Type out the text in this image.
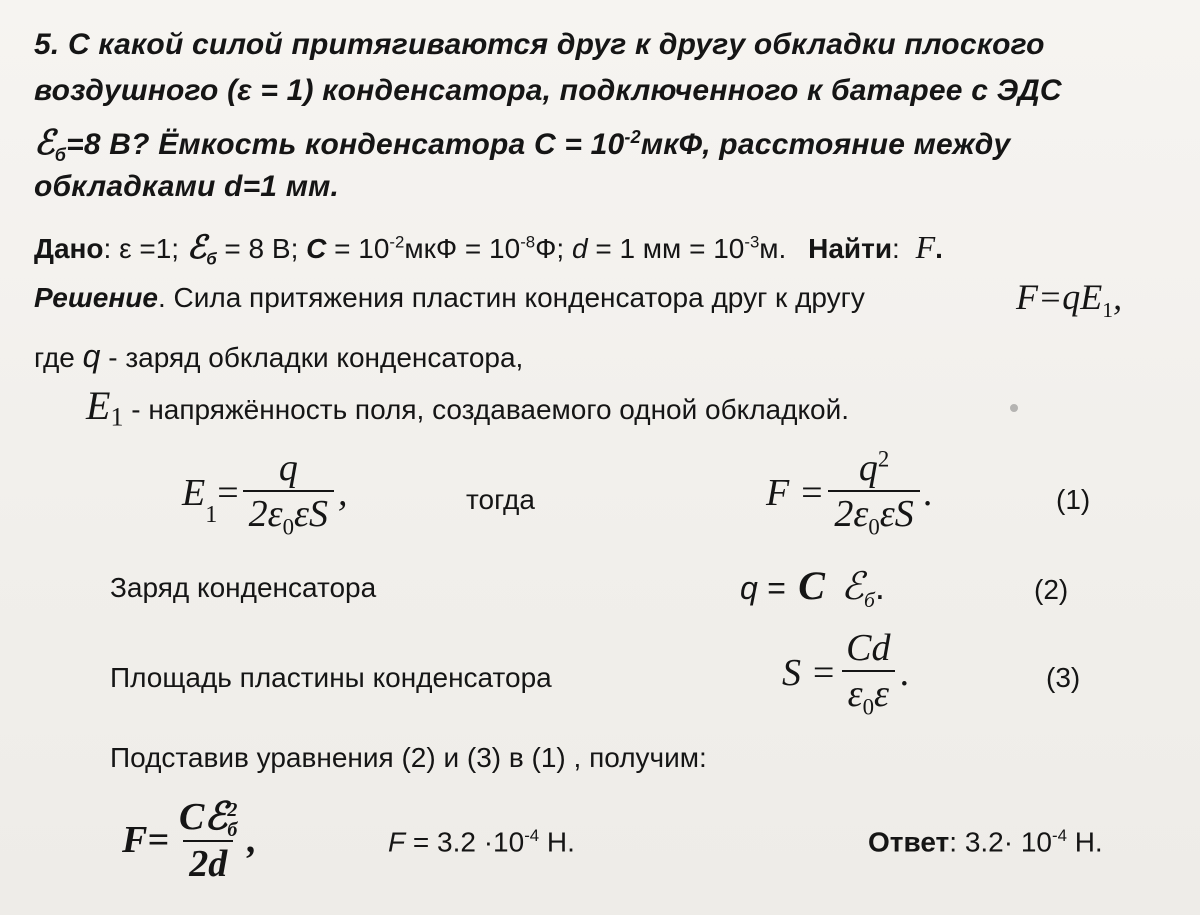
5. С какой силой притягиваются друг к другу обкладки плоского
воздушного (ε = 1) конденсатора, подключенного к батарее с ЭДС
ℰ$_б$=8 В? Ёмкость конденсатора $C = 10^{-2}мкФ$, расстояние между
обкладками d=1 мм.
Дано: ε =1; ℰ$_б$ = 8 В; $C = 10^{-2}мкФ = 10^{-8}Ф$; d = 1 мм = $10^{-3}м$. Найти: F.
Решение. Сила притяжения пластин конденсатора друг к другу	$F=qE_1$,
где q - заряд обкладки конденсатора,
$E_1$ - напряжённость поля, создаваемого одной обкладкой.
E
$_1$
= $\frac{q}{2\varepsilon_0\varepsilon S}$ ,	тогда	$F = \frac{q^2}{2\varepsilon_0\varepsilon S}$ .	(1)
Заряд конденсатора	q = C ℰ$_б$.	(2)
Площадь пластины конденсатора	$S = \frac{Cd}{\varepsilon_0\varepsilon}$ .	(3)
Подставив уравнения (2) и (3) в (1) , получим:
F= Cℰ 2
б
2d ,	$F = 3.2 \cdot 10^{-4}$ Н.	Ответ: $3.2\cdot 10^{-4}$ Н.
